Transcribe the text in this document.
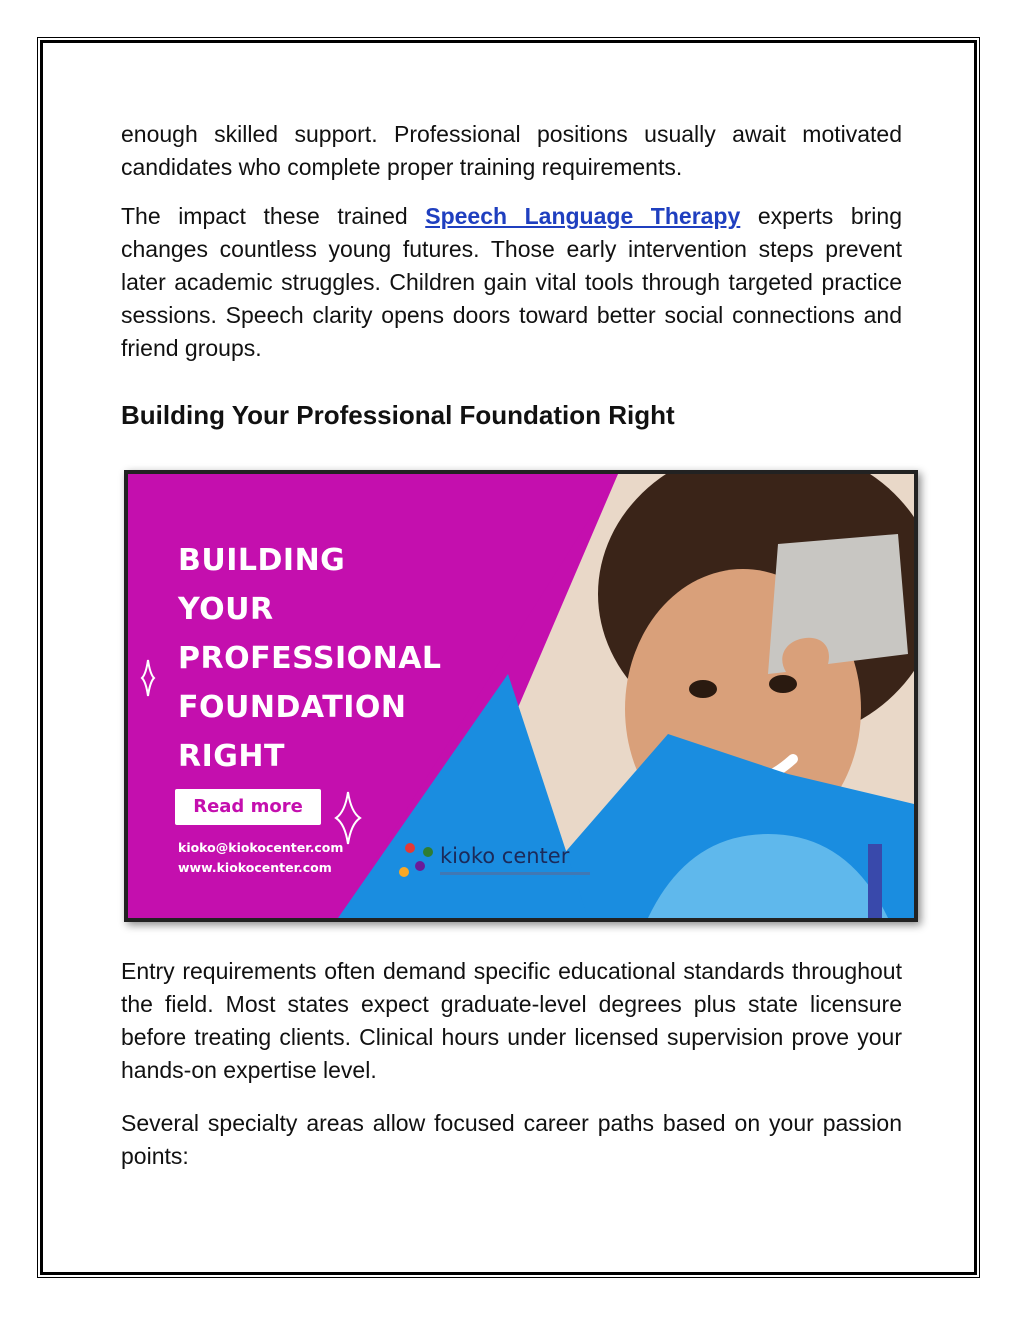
enough skilled support. Professional positions usually await motivated candidates who complete proper training requirements.

The impact these trained Speech Language Therapy experts bring changes countless young futures. Those early intervention steps prevent later academic struggles. Children gain vital tools through targeted practice sessions. Speech clarity opens doors toward better social connections and friend groups.

Building Your Professional Foundation Right
BUILDING
YOUR
PROFESSIONAL
FOUNDATION
RIGHT
Read more
kioko@kiokocenter.com
www.kiokocenter.com	kioko center

Entry requirements often demand specific educational standards throughout the field. Most states expect graduate-level degrees plus state licensure before treating clients. Clinical hours under licensed supervision prove your hands-on expertise level.

Several specialty areas allow focused career paths based on your passion points:
